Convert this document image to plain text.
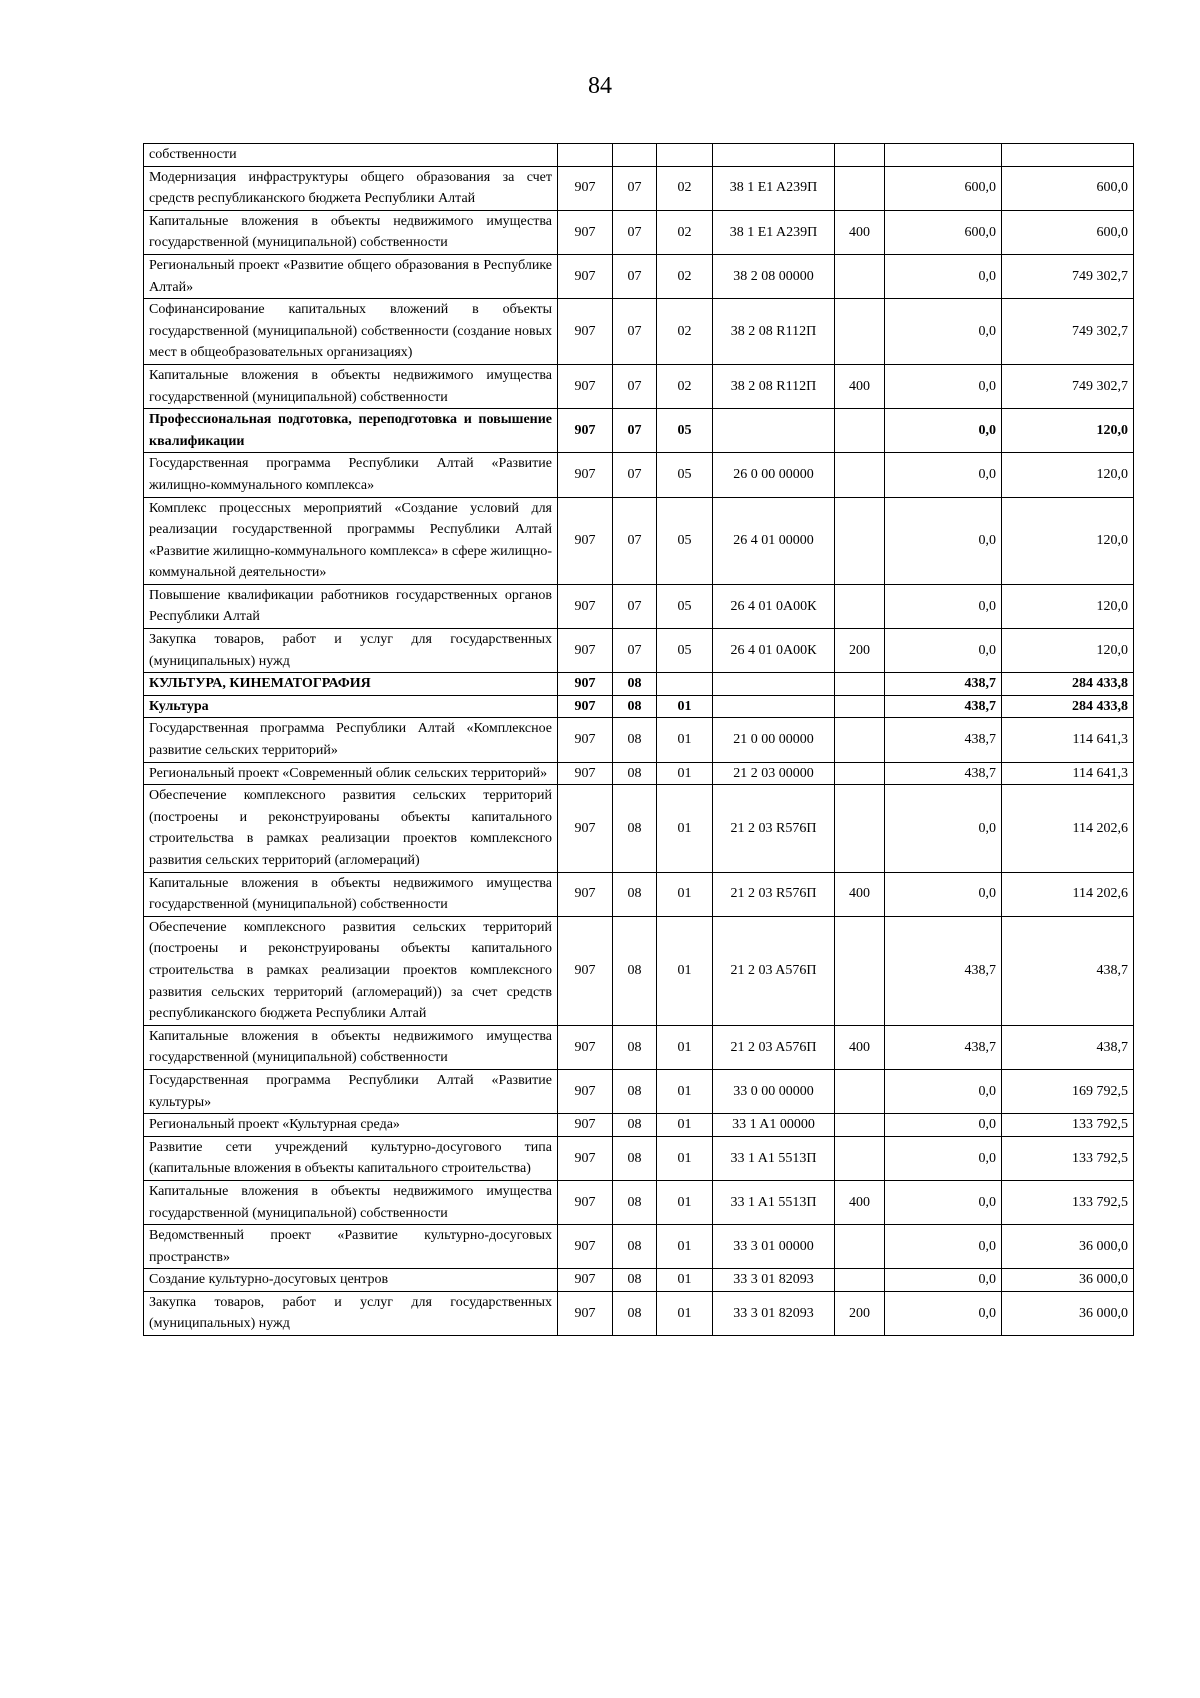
84
собственности							
Модернизация инфраструктуры общего образования за счет средств республиканского бюджета Республики Алтай	907	07	02	38 1 E1 A239П		600,0	600,0
Капитальные вложения в объекты недвижимого имущества государственной (муниципальной) собственности	907	07	02	38 1 E1 A239П	400	600,0	600,0
Региональный проект «Развитие общего образования в Республике Алтай»	907	07	02	38 2 08 00000		0,0	749 302,7
Софинансирование капитальных вложений в объекты государственной (муниципальной) собственности (создание новых мест в общеобразовательных организациях)	907	07	02	38 2 08 R112П		0,0	749 302,7
Капитальные вложения в объекты недвижимого имущества государственной (муниципальной) собственности	907	07	02	38 2 08 R112П	400	0,0	749 302,7
Профессиональная подготовка, переподготовка и повышение квалификации	907	07	05			0,0	120,0
Государственная программа Республики Алтай «Развитие жилищно-коммунального комплекса»	907	07	05	26 0 00 00000		0,0	120,0
Комплекс процессных мероприятий «Создание условий для реализации государственной программы Республики Алтай «Развитие жилищно-коммунального комплекса» в сфере жилищно-коммунальной деятельности»	907	07	05	26 4 01 00000		0,0	120,0
Повышение квалификации работников государственных органов Республики Алтай	907	07	05	26 4 01 0А00К		0,0	120,0
Закупка товаров, работ и услуг для государственных (муниципальных) нужд	907	07	05	26 4 01 0А00К	200	0,0	120,0
КУЛЬТУРА, КИНЕМАТОГРАФИЯ	907	08				438,7	284 433,8
Культура	907	08	01			438,7	284 433,8
Государственная программа Республики Алтай «Комплексное развитие сельских территорий»	907	08	01	21 0 00 00000		438,7	114 641,3
Региональный проект «Современный облик сельских территорий»	907	08	01	21 2 03 00000		438,7	114 641,3
Обеспечение комплексного развития сельских территорий (построены и реконструированы объекты капитального строительства в рамках реализации проектов комплексного развития сельских территорий (агломераций)	907	08	01	21 2 03 R576П		0,0	114 202,6
Капитальные вложения в объекты недвижимого имущества государственной (муниципальной) собственности	907	08	01	21 2 03 R576П	400	0,0	114 202,6
Обеспечение комплексного развития сельских территорий (построены и реконструированы объекты капитального строительства в рамках реализации проектов комплексного развития сельских территорий (агломераций)) за счет средств республиканского бюджета Республики Алтай	907	08	01	21 2 03 A576П		438,7	438,7
Капитальные вложения в объекты недвижимого имущества государственной (муниципальной) собственности	907	08	01	21 2 03 A576П	400	438,7	438,7
Государственная программа Республики Алтай «Развитие культуры»	907	08	01	33 0 00 00000		0,0	169 792,5
Региональный проект «Культурная среда»	907	08	01	33 1 A1 00000		0,0	133 792,5
Развитие сети учреждений культурно-досугового типа (капитальные вложения в объекты капитального строительства)	907	08	01	33 1 A1 5513П		0,0	133 792,5
Капитальные вложения в объекты недвижимого имущества государственной (муниципальной) собственности	907	08	01	33 1 A1 5513П	400	0,0	133 792,5
Ведомственный проект «Развитие культурно-досуговых пространств»	907	08	01	33 3 01 00000		0,0	36 000,0
Создание культурно-досуговых центров	907	08	01	33 3 01 82093		0,0	36 000,0
Закупка товаров, работ и услуг для государственных (муниципальных) нужд	907	08	01	33 3 01 82093	200	0,0	36 000,0
